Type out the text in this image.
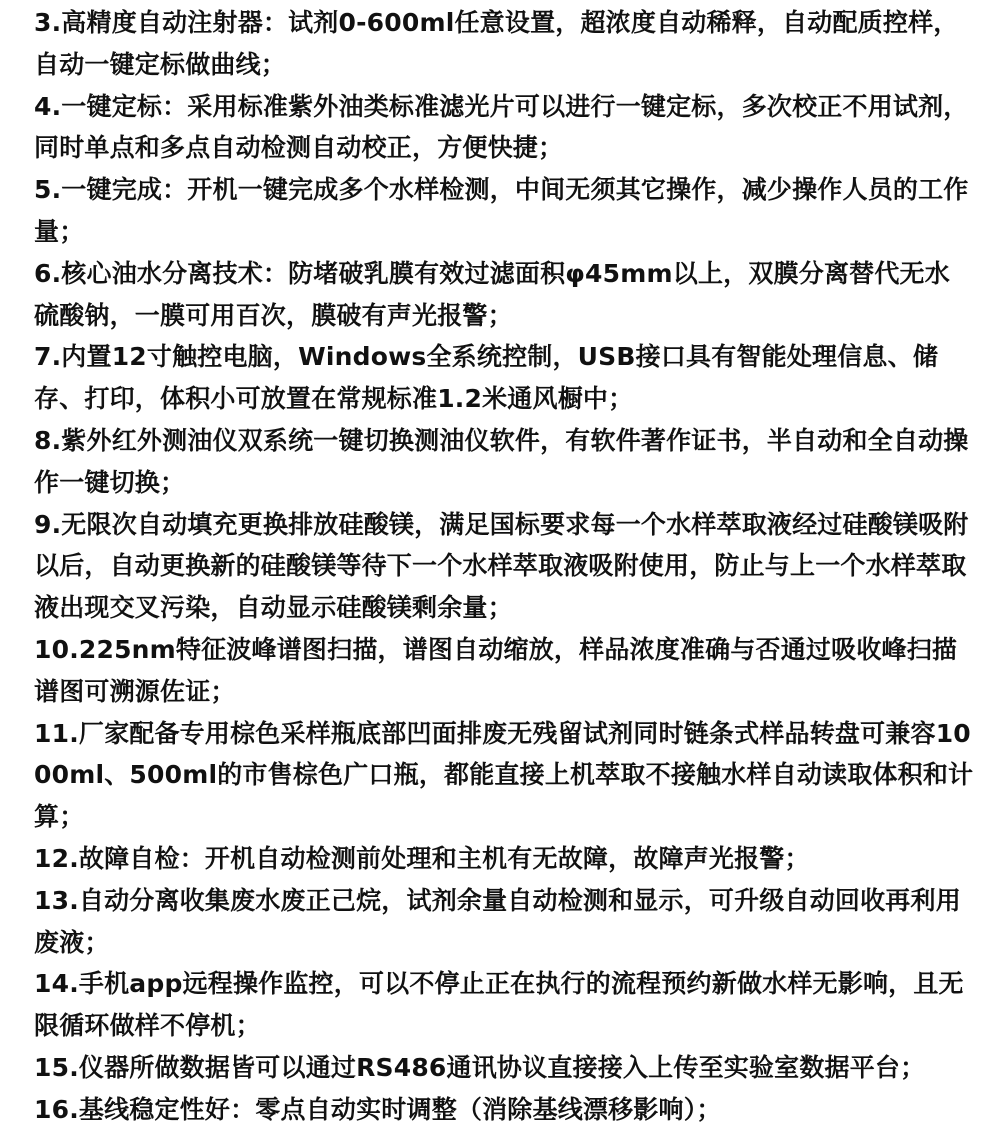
3.高精度自动注射器：试剂0-600ml任意设置，超浓度自动稀释，自动配质控样，自动一键定标做曲线；

4.一键定标：采用标准紫外油类标准滤光片可以进行一键定标，多次校正不用试剂，同时单点和多点自动检测自动校正，方便快捷；

5.一键完成：开机一键完成多个水样检测，中间无须其它操作，减少操作人员的工作量；

6.核心油水分离技术：防堵破乳膜有效过滤面积φ45mm以上，双膜分离替代无水硫酸钠，一膜可用百次，膜破有声光报警；

7.内置12寸触控电脑，Windows全系统控制，USB接口具有智能处理信息、储存、打印，体积小可放置在常规标准1.2米通风橱中；

8.紫外红外测油仪双系统一键切换测油仪软件，有软件著作证书，半自动和全自动操作一键切换；

9.无限次自动填充更换排放硅酸镁，满足国标要求每一个水样萃取液经过硅酸镁吸附以后，自动更换新的硅酸镁等待下一个水样萃取液吸附使用，防止与上一个水样萃取液出现交叉污染，自动显示硅酸镁剩余量；

10.225nm特征波峰谱图扫描，谱图自动缩放，样品浓度准确与否通过吸收峰扫描谱图可溯源佐证；

11.厂家配备专用棕色采样瓶底部凹面排废无残留试剂同时链条式样品转盘可兼容1000ml、500ml的市售棕色广口瓶，都能直接上机萃取不接触水样自动读取体积和计算；

12.故障自检：开机自动检测前处理和主机有无故障，故障声光报警；

13.自动分离收集废水废正己烷，试剂余量自动检测和显示，可升级自动回收再利用废液；

14.手机app远程操作监控，可以不停止正在执行的流程预约新做水样无影响，且无限循环做样不停机；

15.仪器所做数据皆可以通过RS486通讯协议直接接入上传至实验室数据平台；

16.基线稳定性好：零点自动实时调整（消除基线漂移影响）；
